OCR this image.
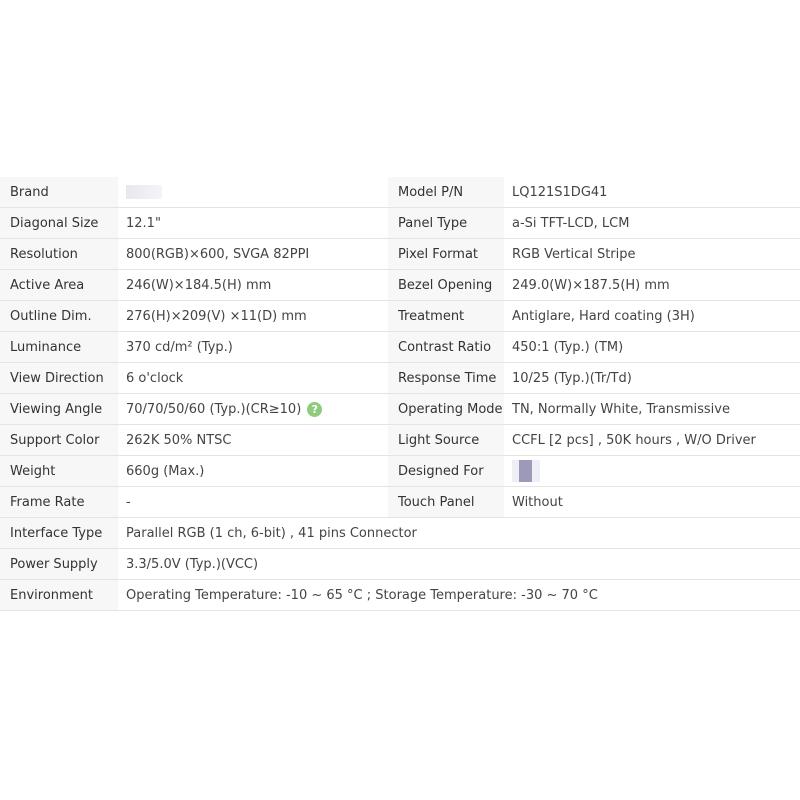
Brand		Model P/N	LQ121S1DG41
Diagonal Size	12.1"	Panel Type	a-Si TFT-LCD, LCM
Resolution	800(RGB)×600, SVGA 82PPI	Pixel Format	RGB Vertical Stripe
Active Area	246(W)×184.5(H) mm	Bezel Opening	249.0(W)×187.5(H) mm
Outline Dim.	276(H)×209(V) ×11(D) mm	Treatment	Antiglare, Hard coating (3H)
Luminance	370 cd/m² (Typ.)	Contrast Ratio	450:1 (Typ.) (TM)
View Direction	6 o'clock	Response Time	10/25 (Typ.)(Tr/Td)
Viewing Angle	70/70/50/60 (Typ.)(CR≥10) ?	Operating Mode	TN, Normally White, Transmissive
Support Color	262K 50% NTSC	Light Source	CCFL [2 pcs] , 50K hours , W/O Driver
Weight	660g (Max.)	Designed For	
Frame Rate	-	Touch Panel	Without
Interface Type	Parallel RGB (1 ch, 6-bit) , 41 pins Connector		
Power Supply	3.3/5.0V (Typ.)(VCC)		
Environment	Operating Temperature: -10 ~ 65 °C ; Storage Temperature: -30 ~ 70 °C		
